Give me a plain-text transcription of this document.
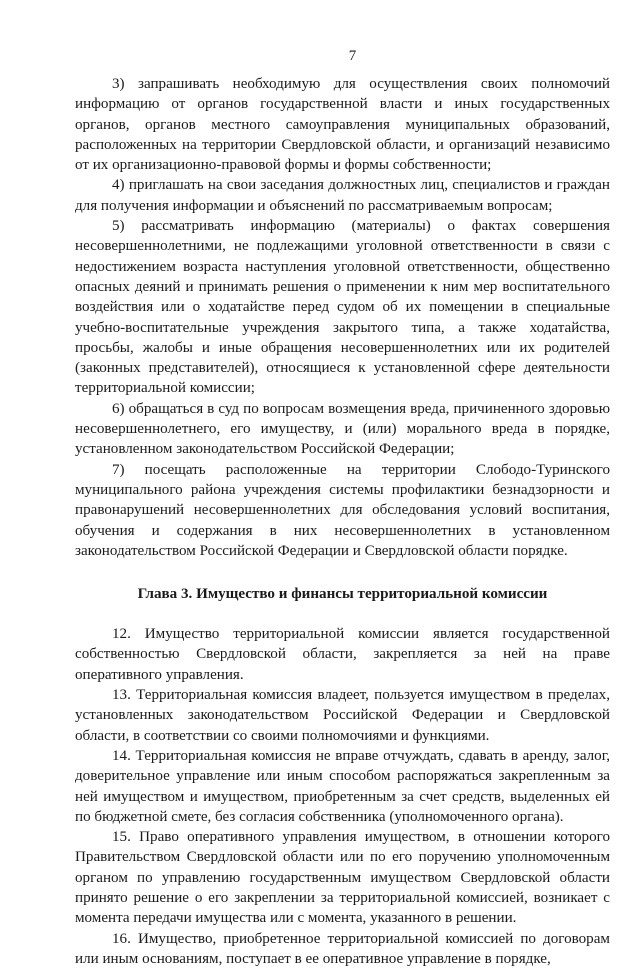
7

3) запрашивать необходимую для осуществления своих полномочий информацию от органов государственной власти и иных государственных органов, органов местного самоуправления муниципальных образований, расположенных на территории Свердловской области, и организаций независимо от их организационно-правовой формы и формы собственности;

4) приглашать на свои заседания должностных лиц, специалистов и граждан для получения информации и объяснений по рассматриваемым вопросам;

5) рассматривать информацию (материалы) о фактах совершения несовершеннолетними, не подлежащими уголовной ответственности в связи с недостижением возраста наступления уголовной ответственности, общественно опасных деяний и принимать решения о применении к ним мер воспитательного воздействия или о ходатайстве перед судом об их помещении в специальные учебно-воспитательные учреждения закрытого типа, а также ходатайства, просьбы, жалобы и иные обращения несовершеннолетних или их родителей (законных представителей), относящиеся к установленной сфере деятельности территориальной комиссии;

6) обращаться в суд по вопросам возмещения вреда, причиненного здоровью несовершеннолетнего, его имуществу, и (или) морального вреда в порядке, установленном законодательством Российской Федерации;

7) посещать расположенные на территории Слободо-Туринского муниципального района учреждения системы профилактики безнадзорности и правонарушений несовершеннолетних для обследования условий воспитания, обучения и содержания в них несовершеннолетних в установленном законодательством Российской Федерации и Свердловской области порядке.

Глава 3. Имущество и финансы территориальной комиссии

12. Имущество территориальной комиссии является государственной собственностью Свердловской области, закрепляется за ней на праве оперативного управления.

13. Территориальная комиссия владеет, пользуется имуществом в пределах, установленных законодательством Российской Федерации и Свердловской области, в соответствии со своими полномочиями и функциями.

14. Территориальная комиссия не вправе отчуждать, сдавать в аренду, залог, доверительное управление или иным способом распоряжаться закрепленным за ней имуществом и имуществом, приобретенным за счет средств, выделенных ей по бюджетной смете, без согласия собственника (уполномоченного органа).

15. Право оперативного управления имуществом, в отношении которого Правительством Свердловской области или по его поручению уполномоченным органом по управлению государственным имуществом Свердловской области принято решение о его закреплении за территориальной комиссией, возникает с момента передачи имущества или с момента, указанного в решении.

16. Имущество, приобретенное территориальной комиссией по договорам или иным основаниям, поступает в ее оперативное управление в порядке,
